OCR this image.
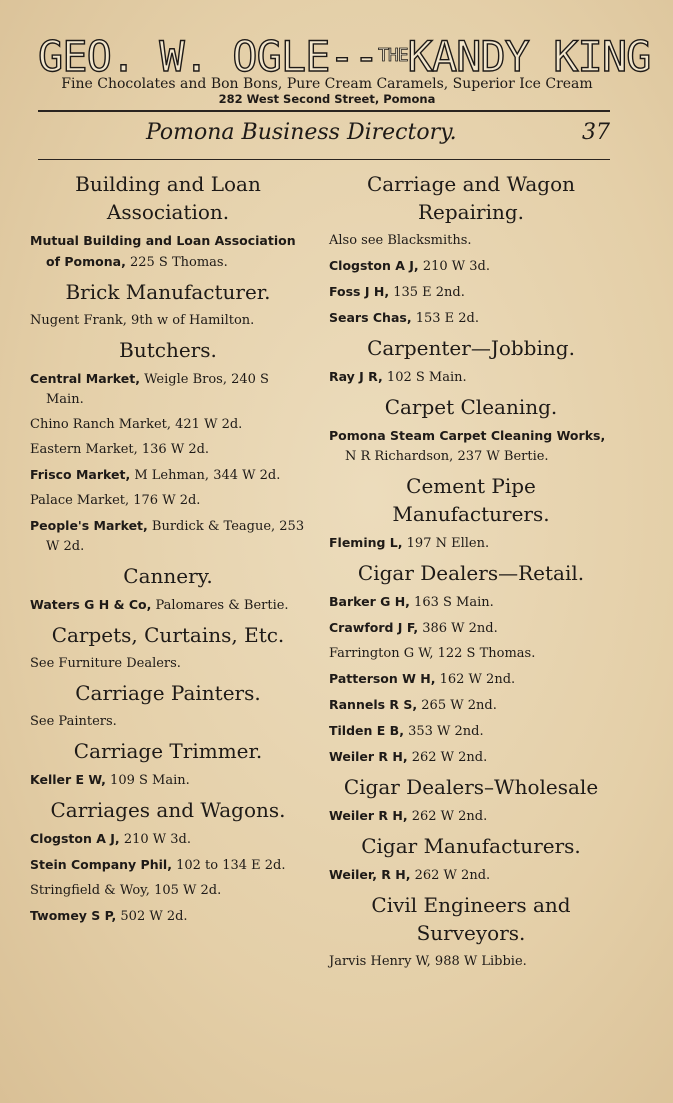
GEO. W. OGLE--$^{THE}$KANDY KING
Fine Chocolates and Bon Bons, Pure Cream Caramels, Superior Ice Cream
282 West Second Street, Pomona
Pomona Business Directory.	37
Building and Loan Association.
Mutual Building and Loan Association of Pomona, 225 S Thomas.
Brick Manufacturer.
Nugent Frank, 9th w of Hamilton.
Butchers.
Central Market, Weigle Bros, 240 S Main.
Chino Ranch Market, 421 W 2d.
Eastern Market, 136 W 2d.
Frisco Market, M Lehman, 344 W 2d.
Palace Market, 176 W 2d.
People's Market, Burdick & Teague, 253 W 2d.
Cannery.
Waters G H & Co, Palomares & Bertie.
Carpets, Curtains, Etc.
See Furniture Dealers.
Carriage Painters.
See Painters.
Carriage Trimmer.
Keller E W, 109 S Main.
Carriages and Wagons.
Clogston A J, 210 W 3d.
Stein Company Phil, 102 to 134 E 2d.
Stringfield & Woy, 105 W 2d.
Twomey S P, 502 W 2d.
Carriage and Wagon Repairing.
Also see Blacksmiths.
Clogston A J, 210 W 3d.
Foss J H, 135 E 2nd.
Sears Chas, 153 E 2d.
Carpenter—Jobbing.
Ray J R, 102 S Main.
Carpet Cleaning.
Pomona Steam Carpet Cleaning Works, N R Richardson, 237 W Bertie.
Cement Pipe Manufacturers.
Fleming L, 197 N Ellen.
Cigar Dealers—Retail.
Barker G H, 163 S Main.
Crawford J F, 386 W 2nd.
Farrington G W, 122 S Thomas.
Patterson W H, 162 W 2nd.
Rannels R S, 265 W 2nd.
Tilden E B, 353 W 2nd.
Weiler R H, 262 W 2nd.
Cigar Dealers–Wholesale
Weiler R H, 262 W 2nd.
Cigar Manufacturers.
Weiler, R H, 262 W 2nd.
Civil Engineers and Surveyors.
Jarvis Henry W, 988 W Libbie.
